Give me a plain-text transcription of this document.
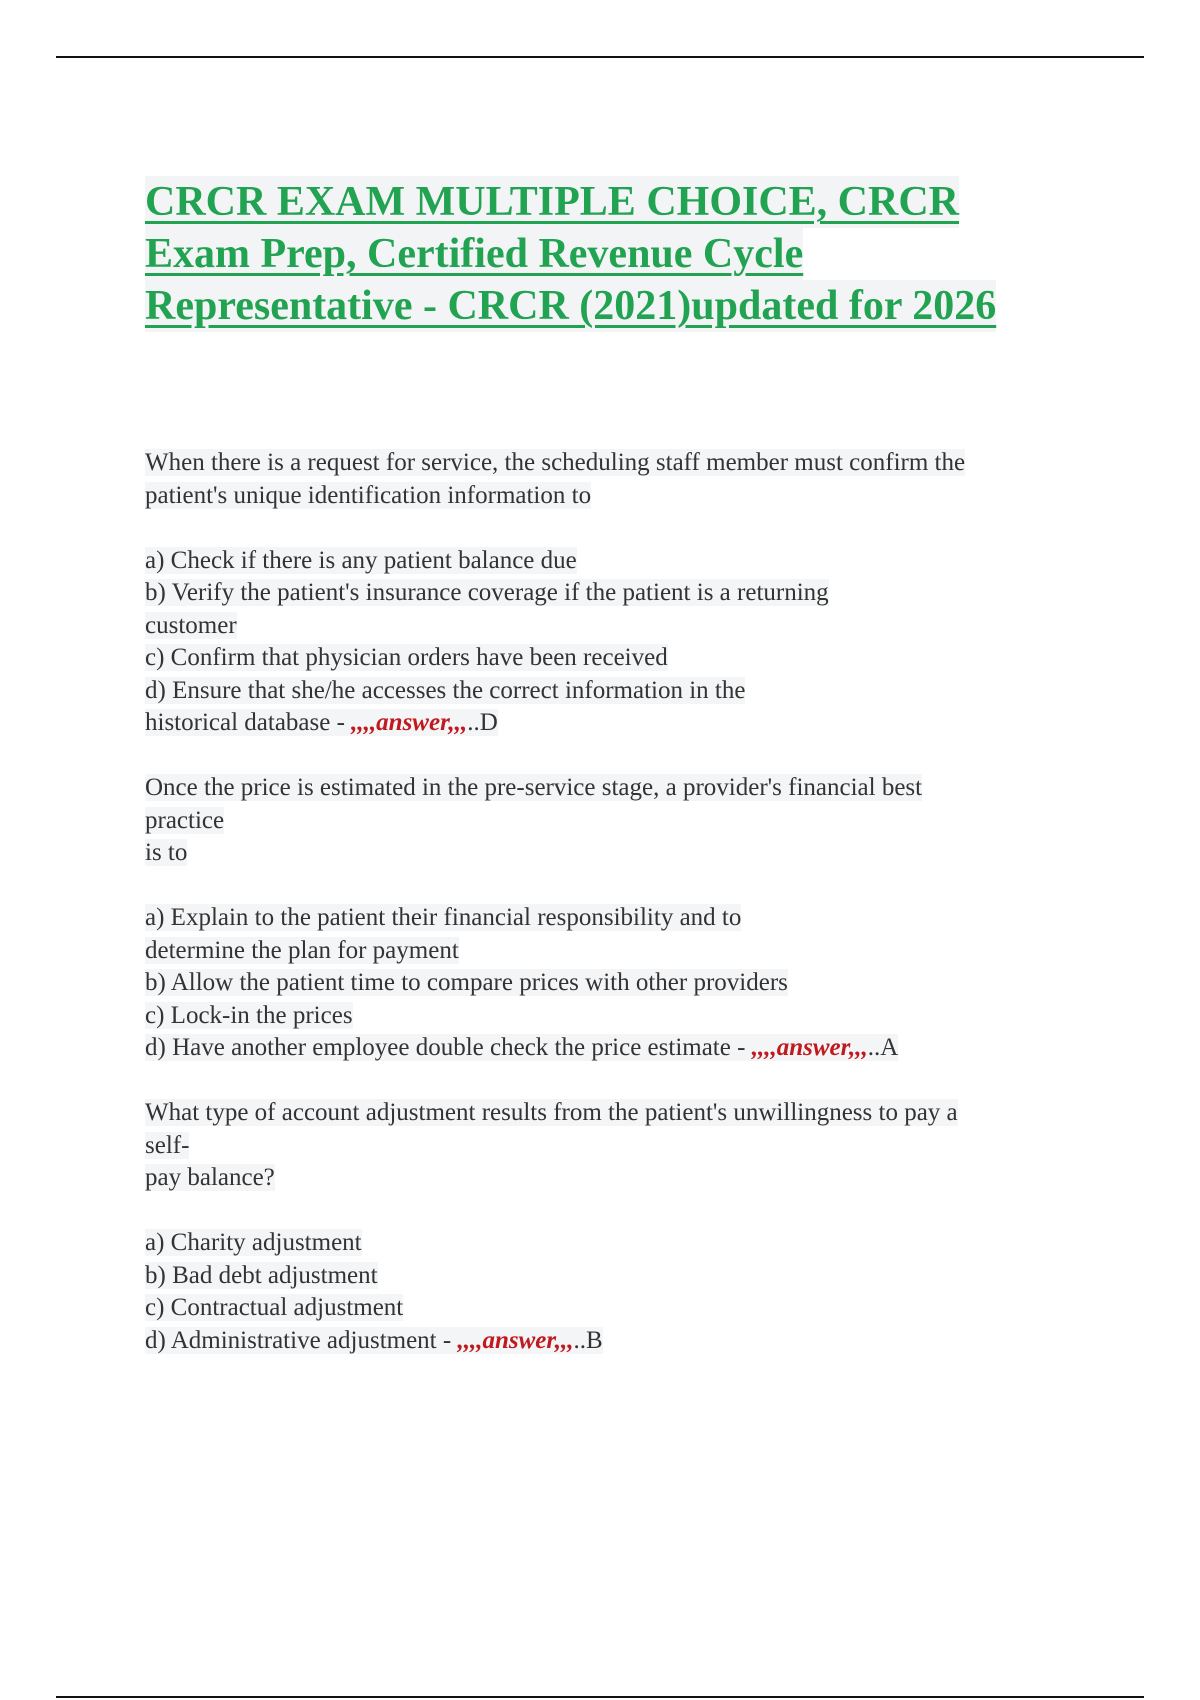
CRCR EXAM MULTIPLE CHOICE, CRCR
Exam Prep, Certified Revenue Cycle
Representative - CRCR (2021)updated for 2026
When there is a request for service, the scheduling staff member must confirm the
patient's unique identification information to
a) Check if there is any patient balance due
b) Verify the patient's insurance coverage if the patient is a returning
customer
c) Confirm that physician orders have been received
d) Ensure that she/he accesses the correct information in the
historical database - ,,,,answer,,,..D
Once the price is estimated in the pre-service stage, a provider's financial best
practice
is to
a) Explain to the patient their financial responsibility and to
determine the plan for payment
b) Allow the patient time to compare prices with other providers
c) Lock-in the prices
d) Have another employee double check the price estimate - ,,,,answer,,,..A
What type of account adjustment results from the patient's unwillingness to pay a
self-
pay balance?
a) Charity adjustment
b) Bad debt adjustment
c) Contractual adjustment
d) Administrative adjustment - ,,,,answer,,,..B
